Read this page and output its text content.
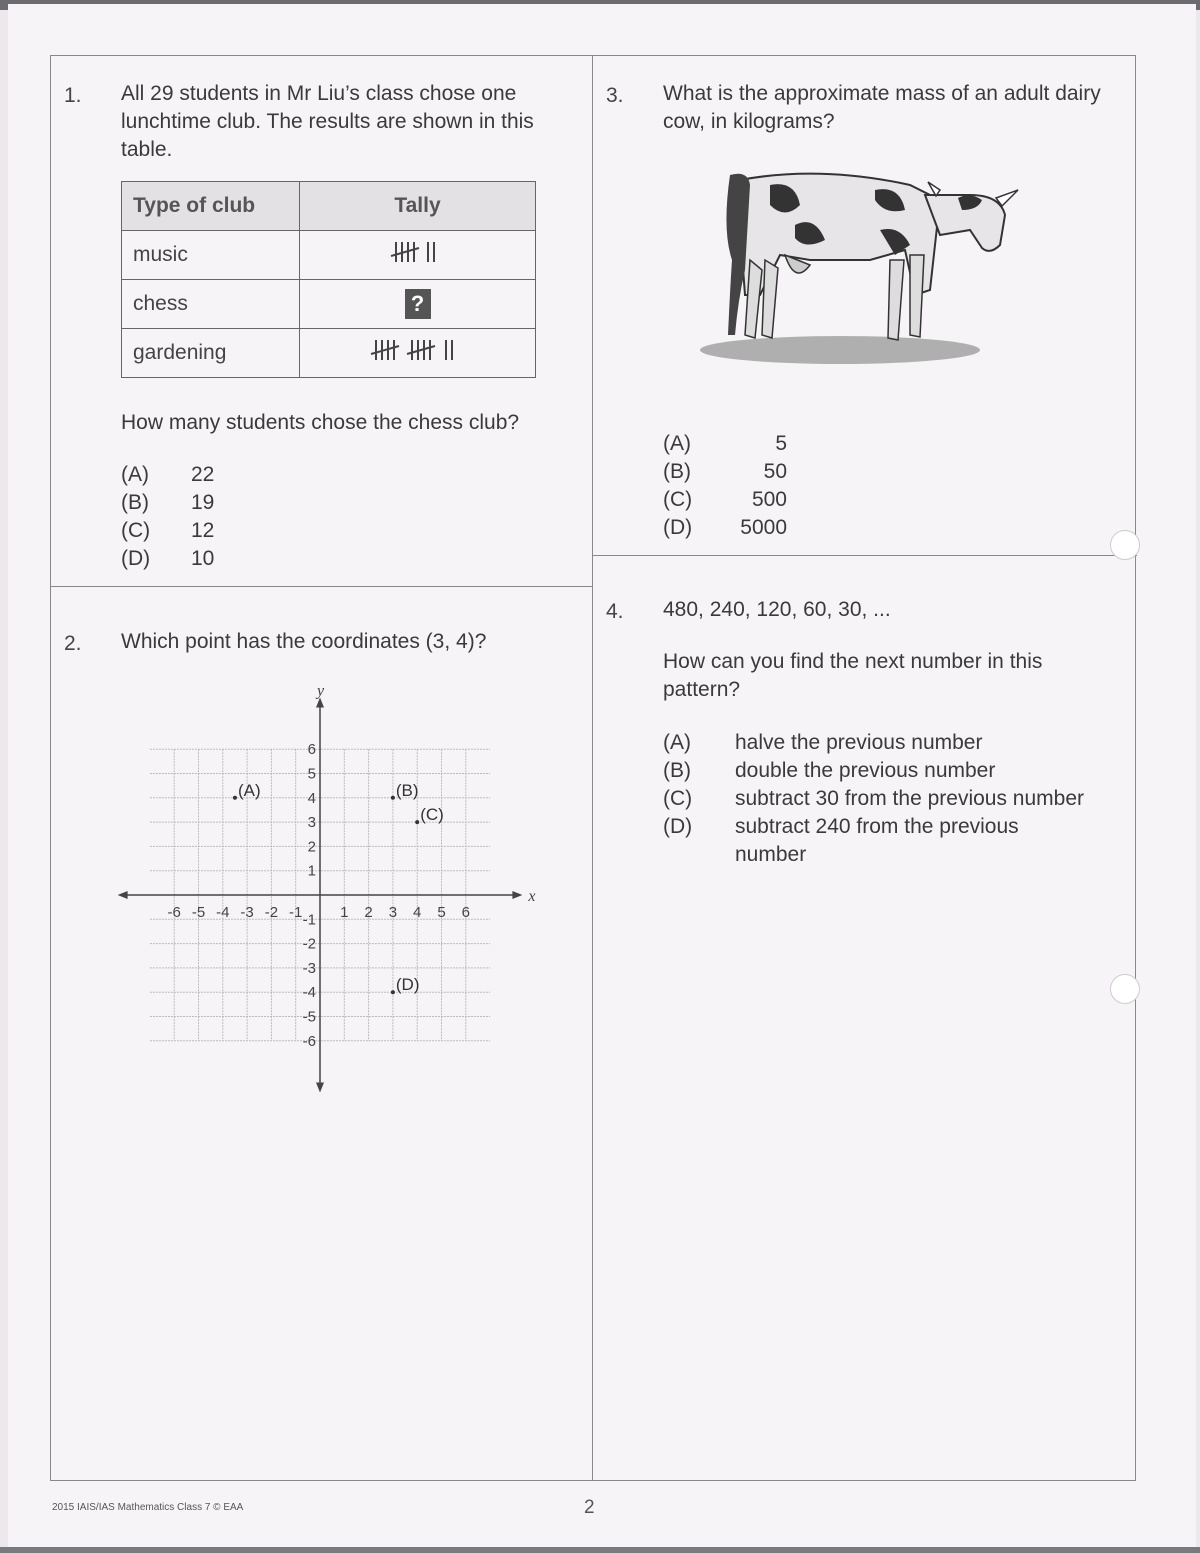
1. All 29 students in Mr Liu’s class chose one lunchtime club. The results are shown in this table.
Type of club	Tally
music	
chess	?
gardening	
How many students chose the chess club?
(A)	22
(B)	19
(C)	12
(D)	10
2. Which point has the coordinates (3, 4)?
x
y
-6 -5 -4 -3 -2 -1	1 2 3 4 5 6
6
5
4
3
2
1
-1
-2
-3
-4
-5
-6
(A)	(B)
(C)
(D)
3. What is the approximate mass of an adult dairy cow, in kilograms?
(A)	5
(B)	50
(C)	500
(D)	5000
4. 480, 240, 120, 60, 30, ...
How can you find the next number in this pattern?
(A)	halve the previous number
(B)	double the previous number
(C)	subtract 30 from the previous number
(D)	subtract 240 from the previous number
2015 IAIS/IAS Mathematics Class 7 © EAA	2
